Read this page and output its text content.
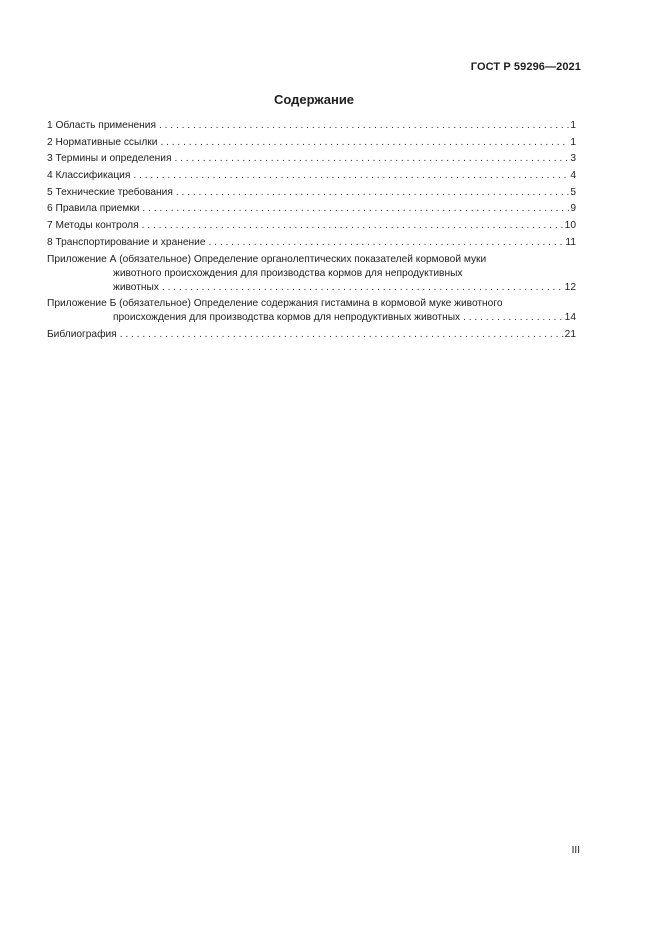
ГОСТ Р 59296—2021
Содержание
1 Область применения . . .	1
2 Нормативные ссылки . . .	1
3 Термины и определения . . .	3
4 Классификация . . .	4
5 Технические требования . . .	5
6 Правила приемки . . .	9
7 Методы контроля . . .	10
8 Транспортирование и хранение . . .	11
Приложение А (обязательное) Определение органолептических показателей кормовой муки
животного происхождения для производства кормов для непродуктивных
животных . . .	12
Приложение Б (обязательное) Определение содержания гистамина в кормовой муке животного
происхождения для производства кормов для непродуктивных животных . . .	14
Библиография . . .	21
III
